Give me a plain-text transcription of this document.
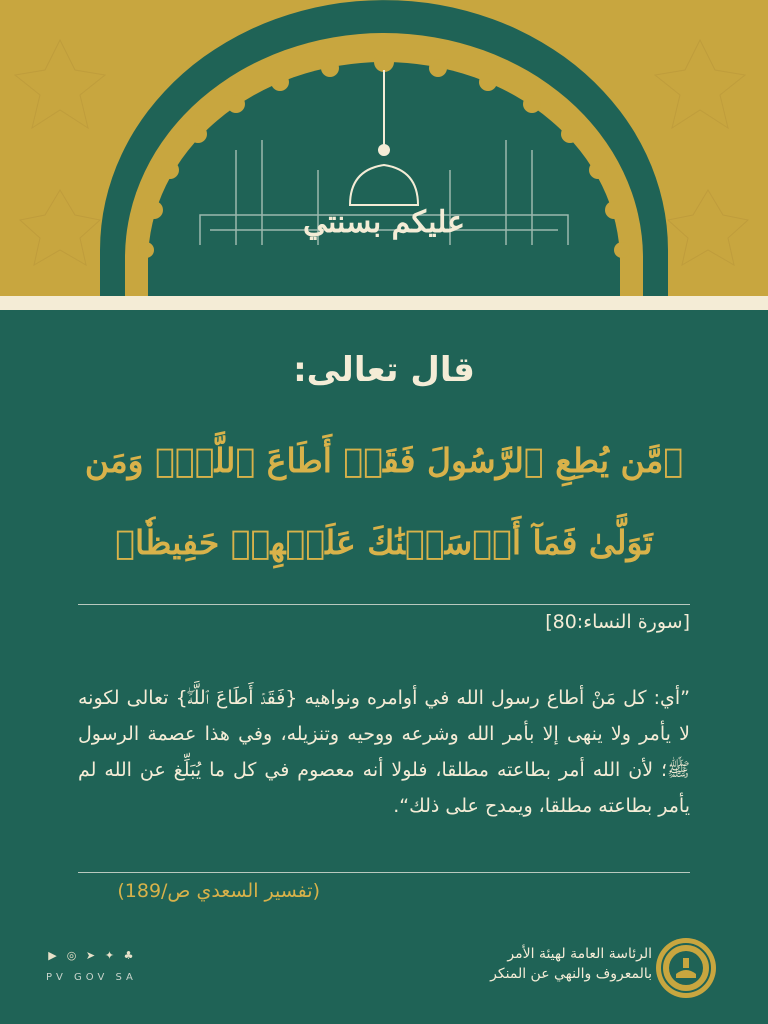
عليكم بسنتي
قال تعالى:
﴿مَّن يُطِعِ ٱلرَّسُولَ فَقَدۡ أَطَاعَ ٱللَّهَۖ وَمَن
تَوَلَّىٰ فَمَآ أَرۡسَلۡنَٰكَ عَلَيۡهِمۡ حَفِيظٗا﴾
[سورة النساء:80]
”أي: كل مَنْ أطاع رسول الله في أوامره ونواهيه {فَقَدۡ أَطَاعَ ٱللَّهَۖ} تعالى لكونه لا يأمر ولا ينهى إلا بأمر الله وشرعه ووحيه وتنزيله، وفي هذا عصمة الرسول ﷺ؛ لأن الله أمر بطاعته مطلقا، فلولا أنه معصوم في كل ما يُبَلِّغ عن الله لم يأمر بطاعته مطلقا، ويمدح على ذلك“.
(تفسير السعدي ص/189)
▶ ◎ ➤ ✦ ♣
PV GOV SA
الرئاسة العامة لهيئة الأمر
بالمعروف والنهي عن المنكر
